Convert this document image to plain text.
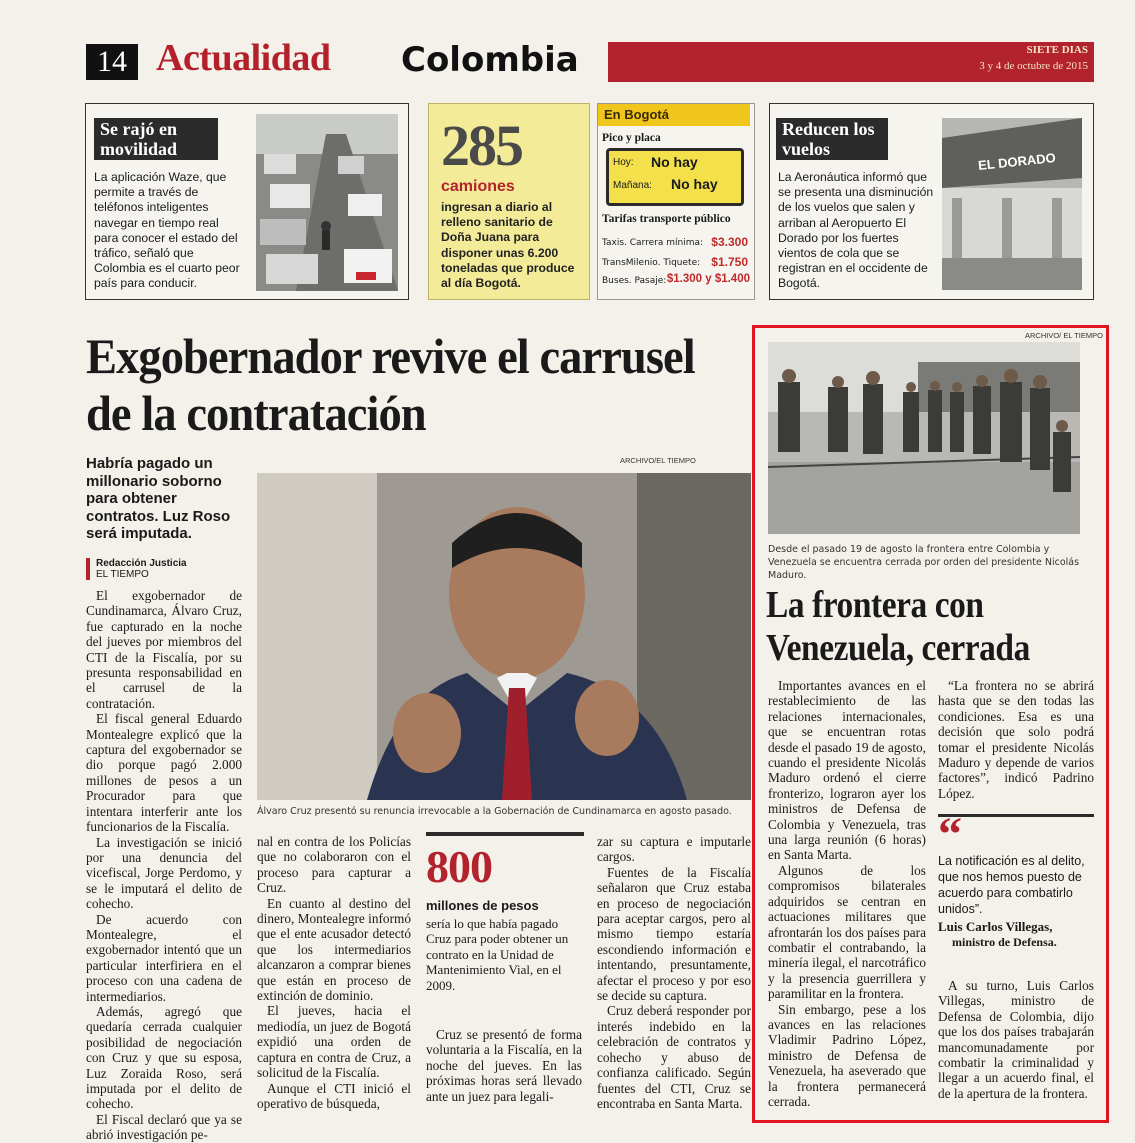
14 Actualidad Colombia	SIETE DIAS
3 y 4 de octubre de 2015
Se rajó en movilidad
La aplicación Waze, que permite a través de teléfonos inteligentes navegar en tiempo real para conocer el estado del tráfico, señaló que Colombia es el cuarto peor país para conducir.
285
camiones
ingresan a diario al relleno sanitario de Doña Juana para disponer unas 6.200 toneladas que produce al día Bogotá.
En Bogotá
Pico y placa
Hoy: No hay
Mañana: No hay
Tarifas transporte público
Taxis. Carrera mínima: $3.300
TransMilenio. Tiquete: $1.750
Buses. Pasaje: $1.300 y $1.400
Reducen los vuelos
La Aeronáutica informó que se presenta una disminución de los vuelos que salen y arriban al Aeropuerto El Dorado por los fuertes vientos de cola que se registran en el occidente de Bogotá.
EL DORADO
Exgobernador revive el carrusel de la contratación
Habría pagado un millonario soborno para obtener contratos. Luz Roso será imputada.
Redacción Justicia
EL TIEMPO
ARCHIVO/EL TIEMPO
Álvaro Cruz presentó su renuncia irrevocable a la Gobernación de Cundinamarca en agosto pasado.

El exgobernador de Cundinamarca, Álvaro Cruz, fue capturado en la noche del jueves por miembros del CTI de la Fiscalía, por su presunta responsabilidad en el carrusel de la contratación.

El fiscal general Eduardo Montealegre explicó que la captura del exgobernador se dio porque pagó 2.000 millones de pesos a un Procurador para que intentara interferir ante los funcionarios de la Fiscalía.

La investigación se inició por una denuncia del vicefiscal, Jorge Perdomo, y se le imputará el delito de cohecho.

De acuerdo con Montealegre, el exgobernador intentó que un particular interfiriera en el proceso con una cadena de intermediarios.

Además, agregó que quedaría cerrada cualquier posibilidad de negociación con Cruz y que su esposa, Luz Zoraida Roso, será imputada por el delito de cohecho.

El Fiscal declaró que ya se abrió investigación pe-

nal en contra de los Policías que no colaboraron con el proceso para capturar a Cruz.

En cuanto al destino del dinero, Montealegre informó que el ente acusador detectó que los intermediarios alcanzaron a comprar bienes que están en proceso de extinción de dominio.

El jueves, hacia el mediodía, un juez de Bogotá expidió una orden de captura en contra de Cruz, a solicitud de la Fiscalía.

Aunque el CTI inició el operativo de búsqueda,

800
millones de pesos
sería lo que había pagado Cruz para poder obtener un contrato en la Unidad de Mantenimiento Vial, en el 2009.

Cruz se presentó de forma voluntaria a la Fiscalía, en la noche del jueves. En las próximas horas será llevado ante un juez para legali-

zar su captura e imputarle cargos.

Fuentes de la Fiscalía señalaron que Cruz estaba en proceso de negociación para aceptar cargos, pero al mismo tiempo estaría escondiendo información e intentando, presuntamente, afectar el proceso y por eso se decide su captura.

Cruz deberá responder por interés indebido en la celebración de contratos y cohecho y abuso de confianza calificado. Según fuentes del CTI, Cruz se encontraba en Santa Marta.

ARCHIVO/ EL TIEMPO
Desde el pasado 19 de agosto la frontera entre Colombia y Venezuela se encuentra cerrada por orden del presidente Nicolás Maduro.
La frontera con Venezuela, cerrada

Importantes avances en el restablecimiento de las relaciones internacionales, que se encuentran rotas desde el pasado 19 de agosto, cuando el presidente Nicolás Maduro ordenó el cierre fronterizo, lograron ayer los ministros de Defensa de Colombia y Venezuela, tras una larga reunión (6 horas) en Santa Marta.

Algunos de los compromisos bilaterales adquiridos se centran en actuaciones militares que afrontarán los dos países para combatir el contrabando, la minería ilegal, el narcotráfico y la presencia guerrillera y paramilitar en la frontera.

Sin embargo, pese a los avances en las relaciones Vladimir Padrino López, ministro de Defensa de Venezuela, ha aseverado que la frontera permanecerá cerrada.

“La frontera no se abrirá hasta que se den todas las condiciones. Esa es una decisión que solo podrá tomar el presidente Nicolás Maduro y depende de varios factores”, indicó Padrino López.

“
La notificación es al delito, que nos hemos puesto de acuerdo para combatirlo unidos”.
Luis Carlos Villegas,
ministro de Defensa.

A su turno, Luis Carlos Villegas, ministro de Defensa de Colombia, dijo que los dos países trabajarán mancomunadamente por combatir la criminalidad y llegar a un acuerdo final, el de la apertura de la frontera.
